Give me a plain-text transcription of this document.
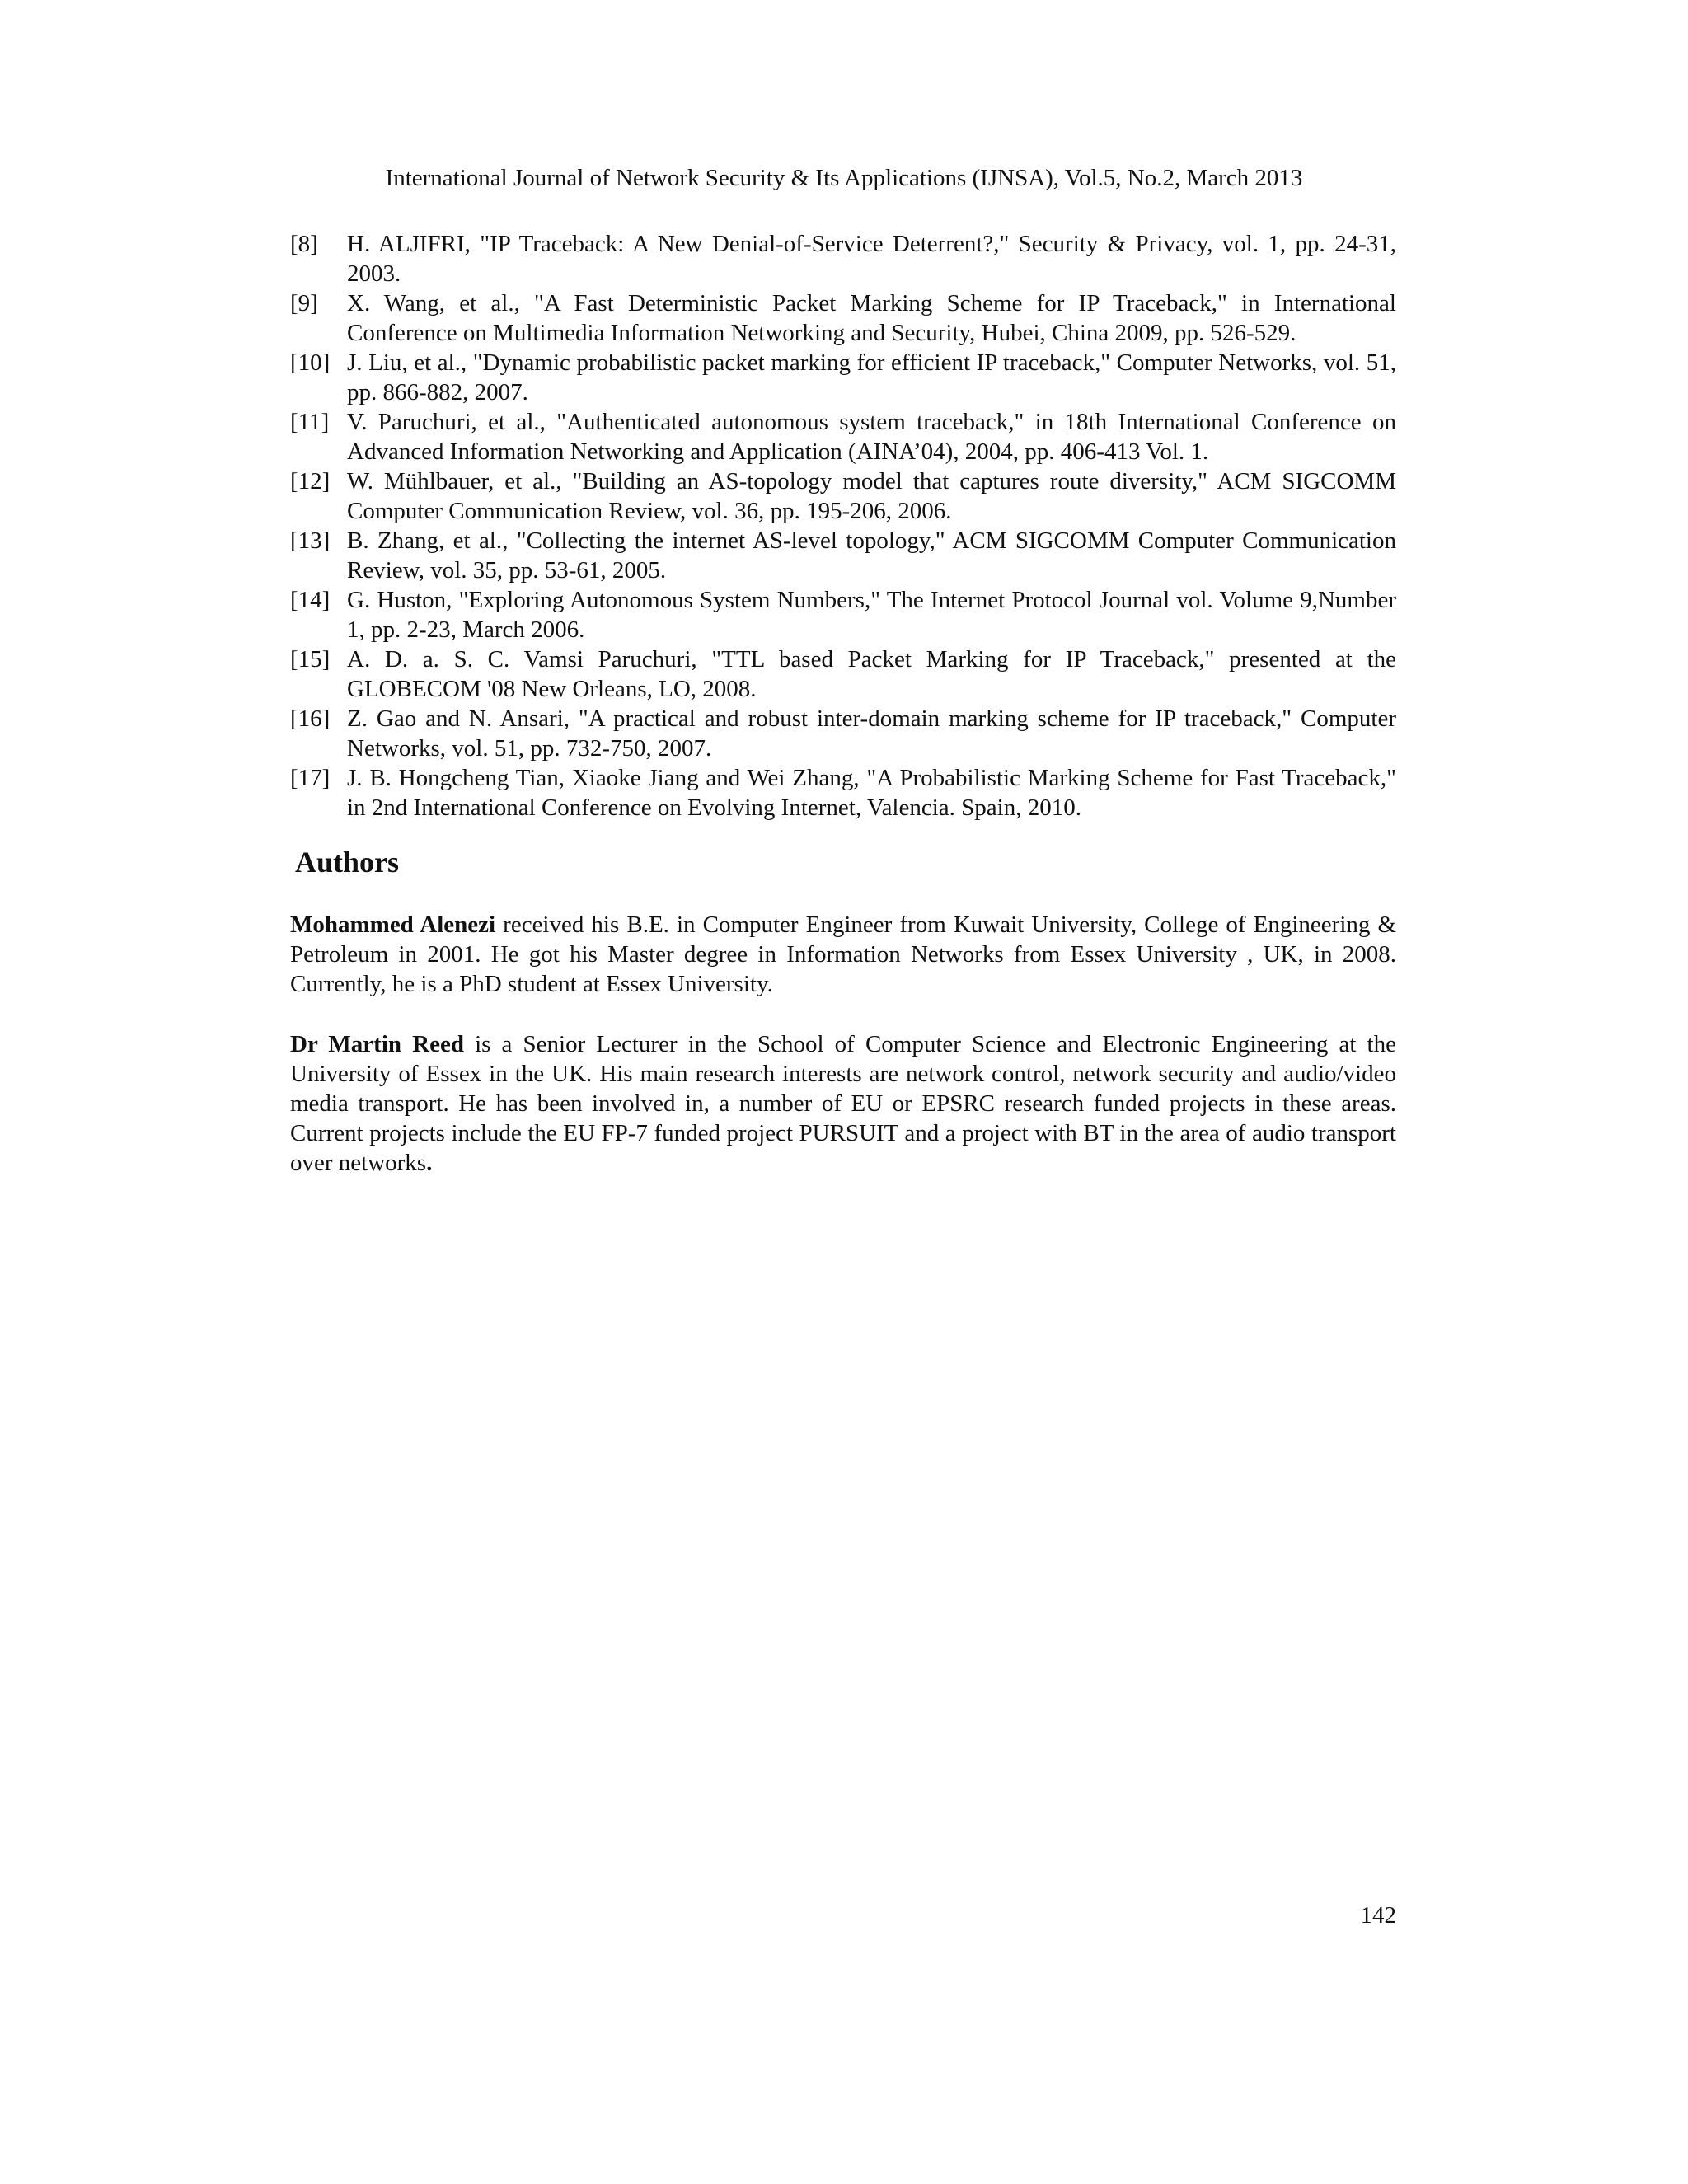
International Journal of Network Security & Its Applications (IJNSA), Vol.5, No.2, March 2013
[8]	H. ALJIFRI, "IP Traceback: A New Denial-of-Service Deterrent?," Security & Privacy, vol. 1, pp. 24-31, 2003.
[9]	X. Wang, et al., "A Fast Deterministic Packet Marking Scheme for IP Traceback," in International Conference on Multimedia Information Networking and Security, Hubei, China 2009, pp. 526-529.
[10] J. Liu, et al., "Dynamic probabilistic packet marking for efficient IP traceback," Computer Networks, vol. 51, pp. 866-882, 2007.
[11] V. Paruchuri, et al., "Authenticated autonomous system traceback," in 18th International Conference on Advanced Information Networking and Application (AINA’04), 2004, pp. 406-413 Vol. 1.
[12] W. Mühlbauer, et al., "Building an AS-topology model that captures route diversity," ACM SIGCOMM Computer Communication Review, vol. 36, pp. 195-206, 2006.
[13] B. Zhang, et al., "Collecting the internet AS-level topology," ACM SIGCOMM Computer Communication Review, vol. 35, pp. 53-61, 2005.
[14] G. Huston, "Exploring Autonomous System Numbers," The Internet Protocol Journal vol. Volume 9,Number 1, pp. 2-23, March 2006.
[15] A. D. a. S. C. Vamsi Paruchuri, "TTL based Packet Marking for IP Traceback," presented at the GLOBECOM '08 New Orleans, LO, 2008.
[16] Z. Gao and N. Ansari, "A practical and robust inter-domain marking scheme for IP traceback," Computer Networks, vol. 51, pp. 732-750, 2007.
[17] J. B. Hongcheng Tian, Xiaoke Jiang and Wei Zhang, "A Probabilistic Marking Scheme for Fast Traceback," in 2nd International Conference on Evolving Internet, Valencia. Spain, 2010.
Authors

Mohammed Alenezi received his B.E. in Computer Engineer from Kuwait University, College of Engineering & Petroleum in 2001. He got his Master degree in Information Networks from Essex University , UK, in 2008. Currently, he is a PhD student at Essex University.

Dr Martin Reed is a Senior Lecturer in the School of Computer Science and Electronic Engineering at the University of Essex in the UK. His main research interests are network control, network security and audio/video media transport. He has been involved in, a number of EU or EPSRC research funded projects in these areas. Current projects include the EU FP-7 funded project PURSUIT and a project with BT in the area of audio transport over networks.

142
